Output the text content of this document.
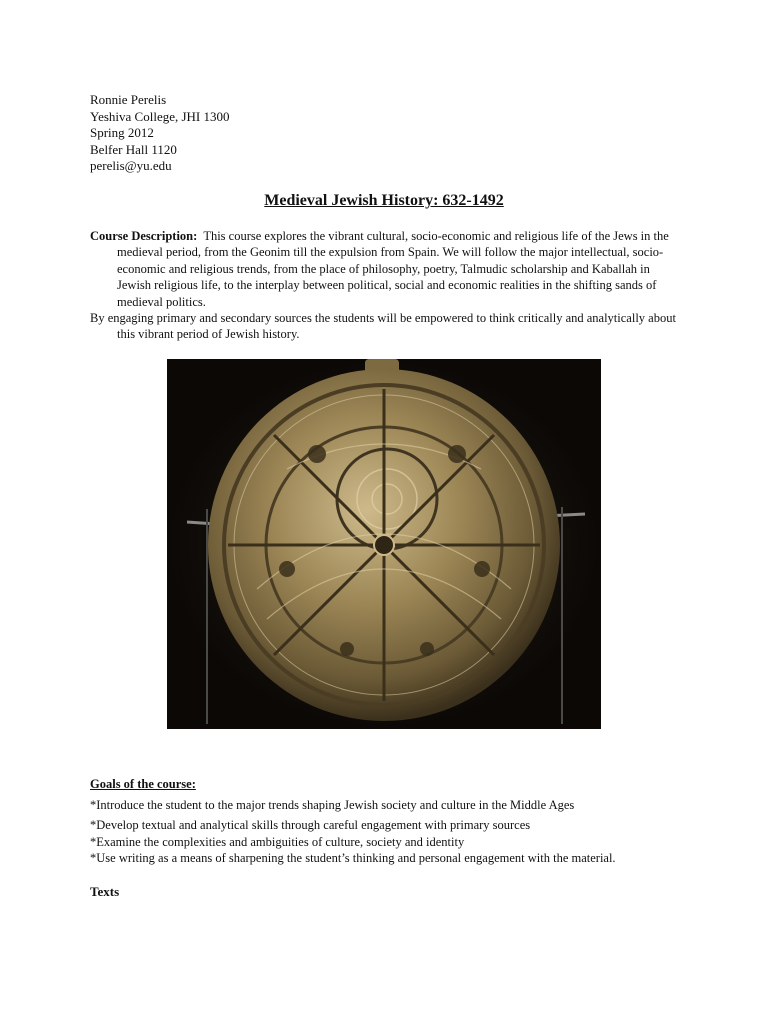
Ronnie Perelis
Yeshiva College, JHI 1300
Spring 2012
Belfer Hall 1120
perelis@yu.edu
Medieval Jewish History: 632-1492

Course Description: This course explores the vibrant cultural, socio-economic and religious life of the Jews in the medieval period, from the Geonim till the expulsion from Spain. We will follow the major intellectual, socio-economic and religious trends, from the place of philosophy, poetry, Talmudic scholarship and Kaballah in Jewish religious life, to the interplay between political, social and economic realities in the shifting sands of medieval politics.

By engaging primary and secondary sources the students will be empowered to think critically and analytically about this vibrant period of Jewish history.

Goals of the course:
*Introduce the student to the major trends shaping Jewish society and culture in the Middle Ages
*Develop textual and analytical skills through careful engagement with primary sources
*Examine the complexities and ambiguities of culture, society and identity
*Use writing as a means of sharpening the student’s thinking and personal engagement with the material.
Texts
